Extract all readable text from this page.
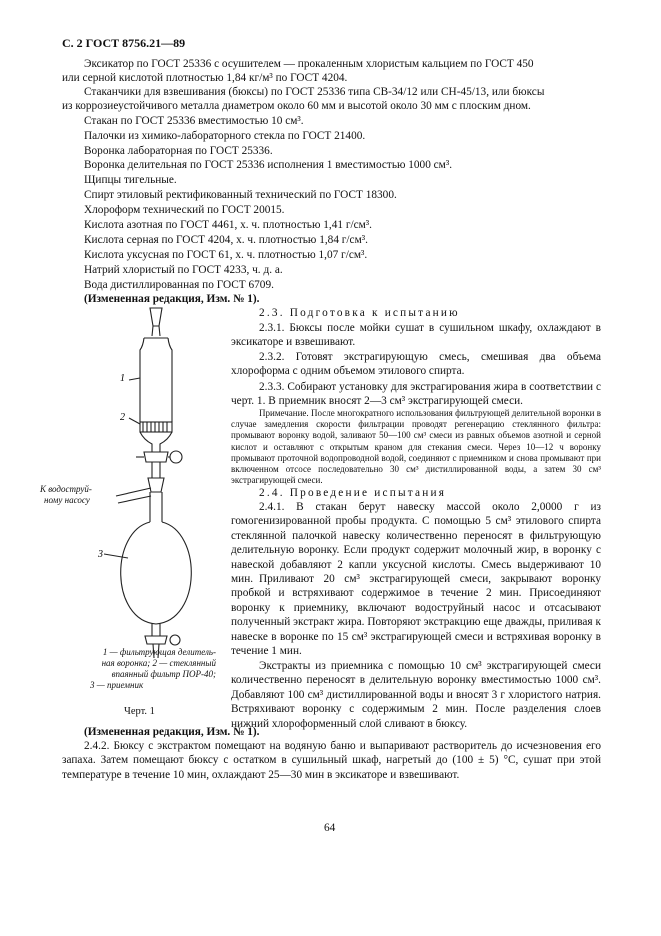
С. 2 ГОСТ 8756.21—89
Эксикатор по ГОСТ 25336 с осушителем — прокаленным хлористым кальцием по ГОСТ 450
или серной кислотой плотностью 1,84 кг/м³ по ГОСТ 4204.
Стаканчики для взвешивания (бюксы) по ГОСТ 25336 типа СВ-34/12 или СН-45/13, или бюксы
из коррозиеустойчивого металла диаметром около 60 мм и высотой около 30 мм с плоским дном.
Стакан по ГОСТ 25336 вместимостью 10 см³.
Палочки из химико-лабораторного стекла по ГОСТ 21400.
Воронка лабораторная по ГОСТ 25336.
Воронка делительная по ГОСТ 25336 исполнения 1 вместимостью 1000 см³.
Щипцы тигельные.
Спирт этиловый ректификованный технический по ГОСТ 18300.
Хлороформ технический по ГОСТ 20015.
Кислота азотная по ГОСТ 4461, х. ч. плотностью 1,41 г/см³.
Кислота серная по ГОСТ 4204, х. ч. плотностью 1,84 г/см³.
Кислота уксусная по ГОСТ 61, х. ч. плотностью 1,07 г/см³.
Натрий хлористый по ГОСТ 4233, ч. д. а.
Вода дистиллированная по ГОСТ 6709.
(Измененная редакция, Изм. № 1).
2.3. Подготовка к испытанию
2.3.1. Бюксы после мойки сушат в сушильном шкафу, охлаждают в эксикаторе и взвешивают.
2.3.2. Готовят экстрагирующую смесь, смешивая два объема хлороформа с одним объемом этилового спирта.
2.3.3. Собирают установку для экстрагирования жира в соответствии с черт. 1. В приемник вносят 2—3 см³ экстрагирующей смеси.
Примечание. После многократного использования фильтрующей делительной воронки в случае замедления скорости фильтрации проводят регенерацию стеклянного фильтра: промывают воронку водой, заливают 50—100 см³ смеси из равных объемов азотной и серной кислот и оставляют с открытым краном для стекания смеси. Через 10—12 ч воронку промывают проточной водопроводной водой, соединяют с приемником и снова промывают при включенном отсосе последовательно 30 см³ дистиллированной воды, а затем 30 см³ экстрагирующей смеси.
2.4. Проведение испытания
2.4.1. В стакан берут навеску массой около 2,0000 г из гомогенизированной пробы продукта. С помощью 5 см³ этилового спирта стеклянной палочкой навеску количественно переносят в фильтрующую делительную воронку. Если продукт содержит молочный жир, в воронку с навеской добавляют 2 капли уксусной кислоты. Смесь выдерживают 10 мин. Приливают 20 см³ экстрагирующей смеси, закрывают воронку пробкой и встряхивают содержимое в течение 2 мин. Присоединяют воронку к приемнику, включают водоструйный насос и отсасывают полученный экстракт жира. Повторяют экстракцию еще дважды, приливая к навеске в воронке по 15 см³ экстрагирующей смеси и встряхивая воронку в течение 1 мин.
Экстракты из приемника с помощью 10 см³ экстрагирующей смеси количественно переносят в делительную воронку вместимостью 1000 см³. Добавляют 100 см³ дистиллированной воды и вносят 3 г хлористого натрия. Встряхивают воронку с содержимым 2 мин. После разделения слоев нижний хлороформенный слой сливают в бюксу.
(Измененная редакция, Изм. № 1).
2.4.2. Бюксу с экстрактом помещают на водяную баню и выпаривают растворитель до исчезновения его запаха. Затем помещают бюксу с остатком в сушильный шкаф, нагретый до (100 ± 5) °С, сушат при этой температуре в течение 10 мин, охлаждают 25—30 мин в эксикаторе и взвешивают.
1
2
3
К водоструй-
ному насосу
1 — фильтрующая делитель-
ная воронка; 2 — стеклянный
впаянный фильтр ПОР-40;
3 — приемник
Черт. 1
64
